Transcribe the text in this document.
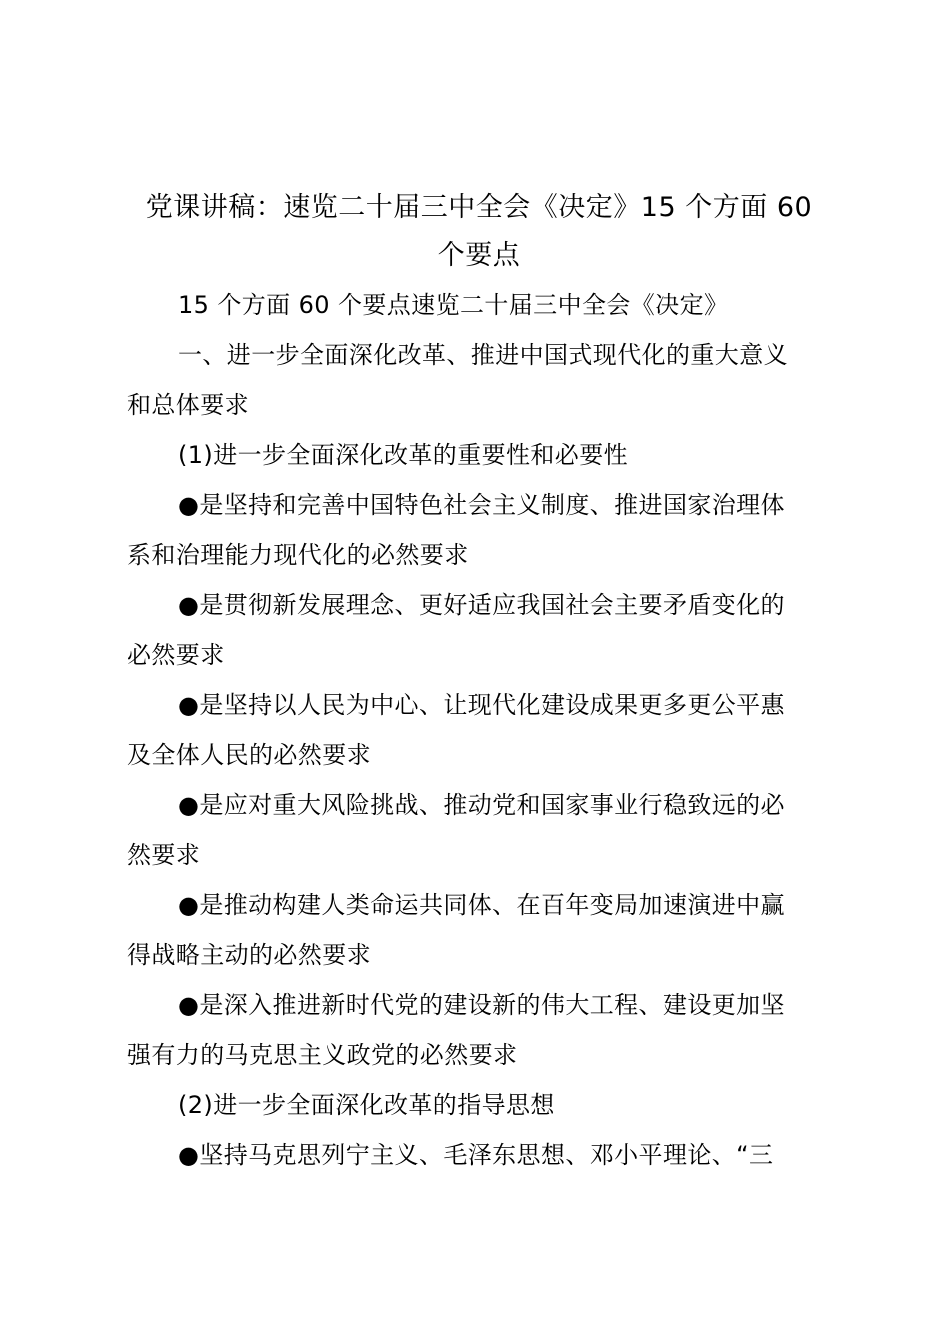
党课讲稿：速览二十届三中全会《决定》15 个方面 60
个要点

15 个方面 60 个要点速览二十届三中全会《决定》

一、进一步全面深化改革、推进中国式现代化的重大意义

和总体要求

(1)进一步全面深化改革的重要性和必要性

●是坚持和完善中国特色社会主义制度、推进国家治理体

系和治理能力现代化的必然要求

●是贯彻新发展理念、更好适应我国社会主要矛盾变化的

必然要求

●是坚持以人民为中心、让现代化建设成果更多更公平惠

及全体人民的必然要求

●是应对重大风险挑战、推动党和国家事业行稳致远的必

然要求

●是推动构建人类命运共同体、在百年变局加速演进中赢

得战略主动的必然要求

●是深入推进新时代党的建设新的伟大工程、建设更加坚

强有力的马克思主义政党的必然要求

(2)进一步全面深化改革的指导思想

●坚持马克思列宁主义、毛泽东思想、邓小平理论、“三
